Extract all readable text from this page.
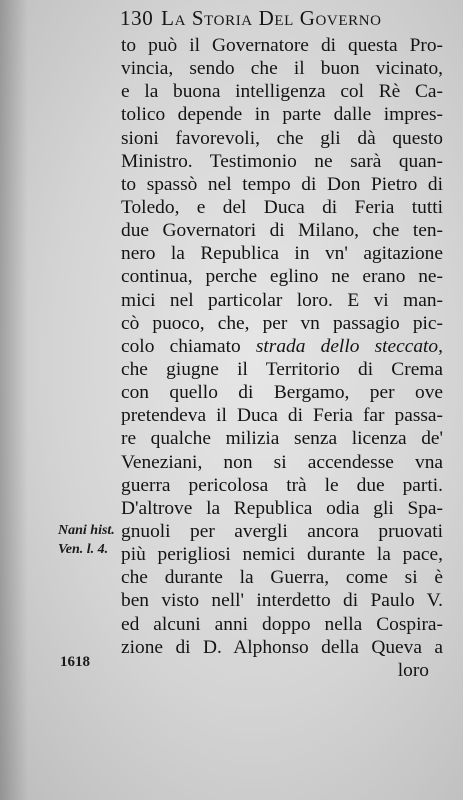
130 La Storia Del Governo
to può il Governatore di questa Pro-
vincia, sendo che il buon vicinato,
e la buona intelligenza col Rè Ca-
tolico depende in parte dalle impres-
sioni favorevoli, che gli dà questo
Ministro. Testimonio ne sarà quan-
to spassò nel tempo di Don Pietro di
Toledo, e del Duca di Feria tutti
due Governatori di Milano, che ten-
nero la Republica in vn' agitazione
continua, perche eglino ne erano ne-
mici nel particolar loro. E vi man-
cò puoco, che, per vn passagio pic-
colo chiamato strada dello steccato,
che giugne il Territorio di Crema
con quello di Bergamo, per ove
pretendeva il Duca di Feria far passa-
re qualche milizia senza licenza de'
Veneziani, non si accendesse vna
guerra pericolosa trà le due parti.
D'altrove la Republica odia gli Spa-
gnuoli per avergli ancora pruovati
più perigliosi nemici durante la pace,
che durante la Guerra, come si è
ben visto nell' interdetto di Paulo V.
ed alcuni anni doppo nella Cospira-
zione di D. Alphonso della Queva a
loro
Nani hist.
Ven. l. 4.
1618
